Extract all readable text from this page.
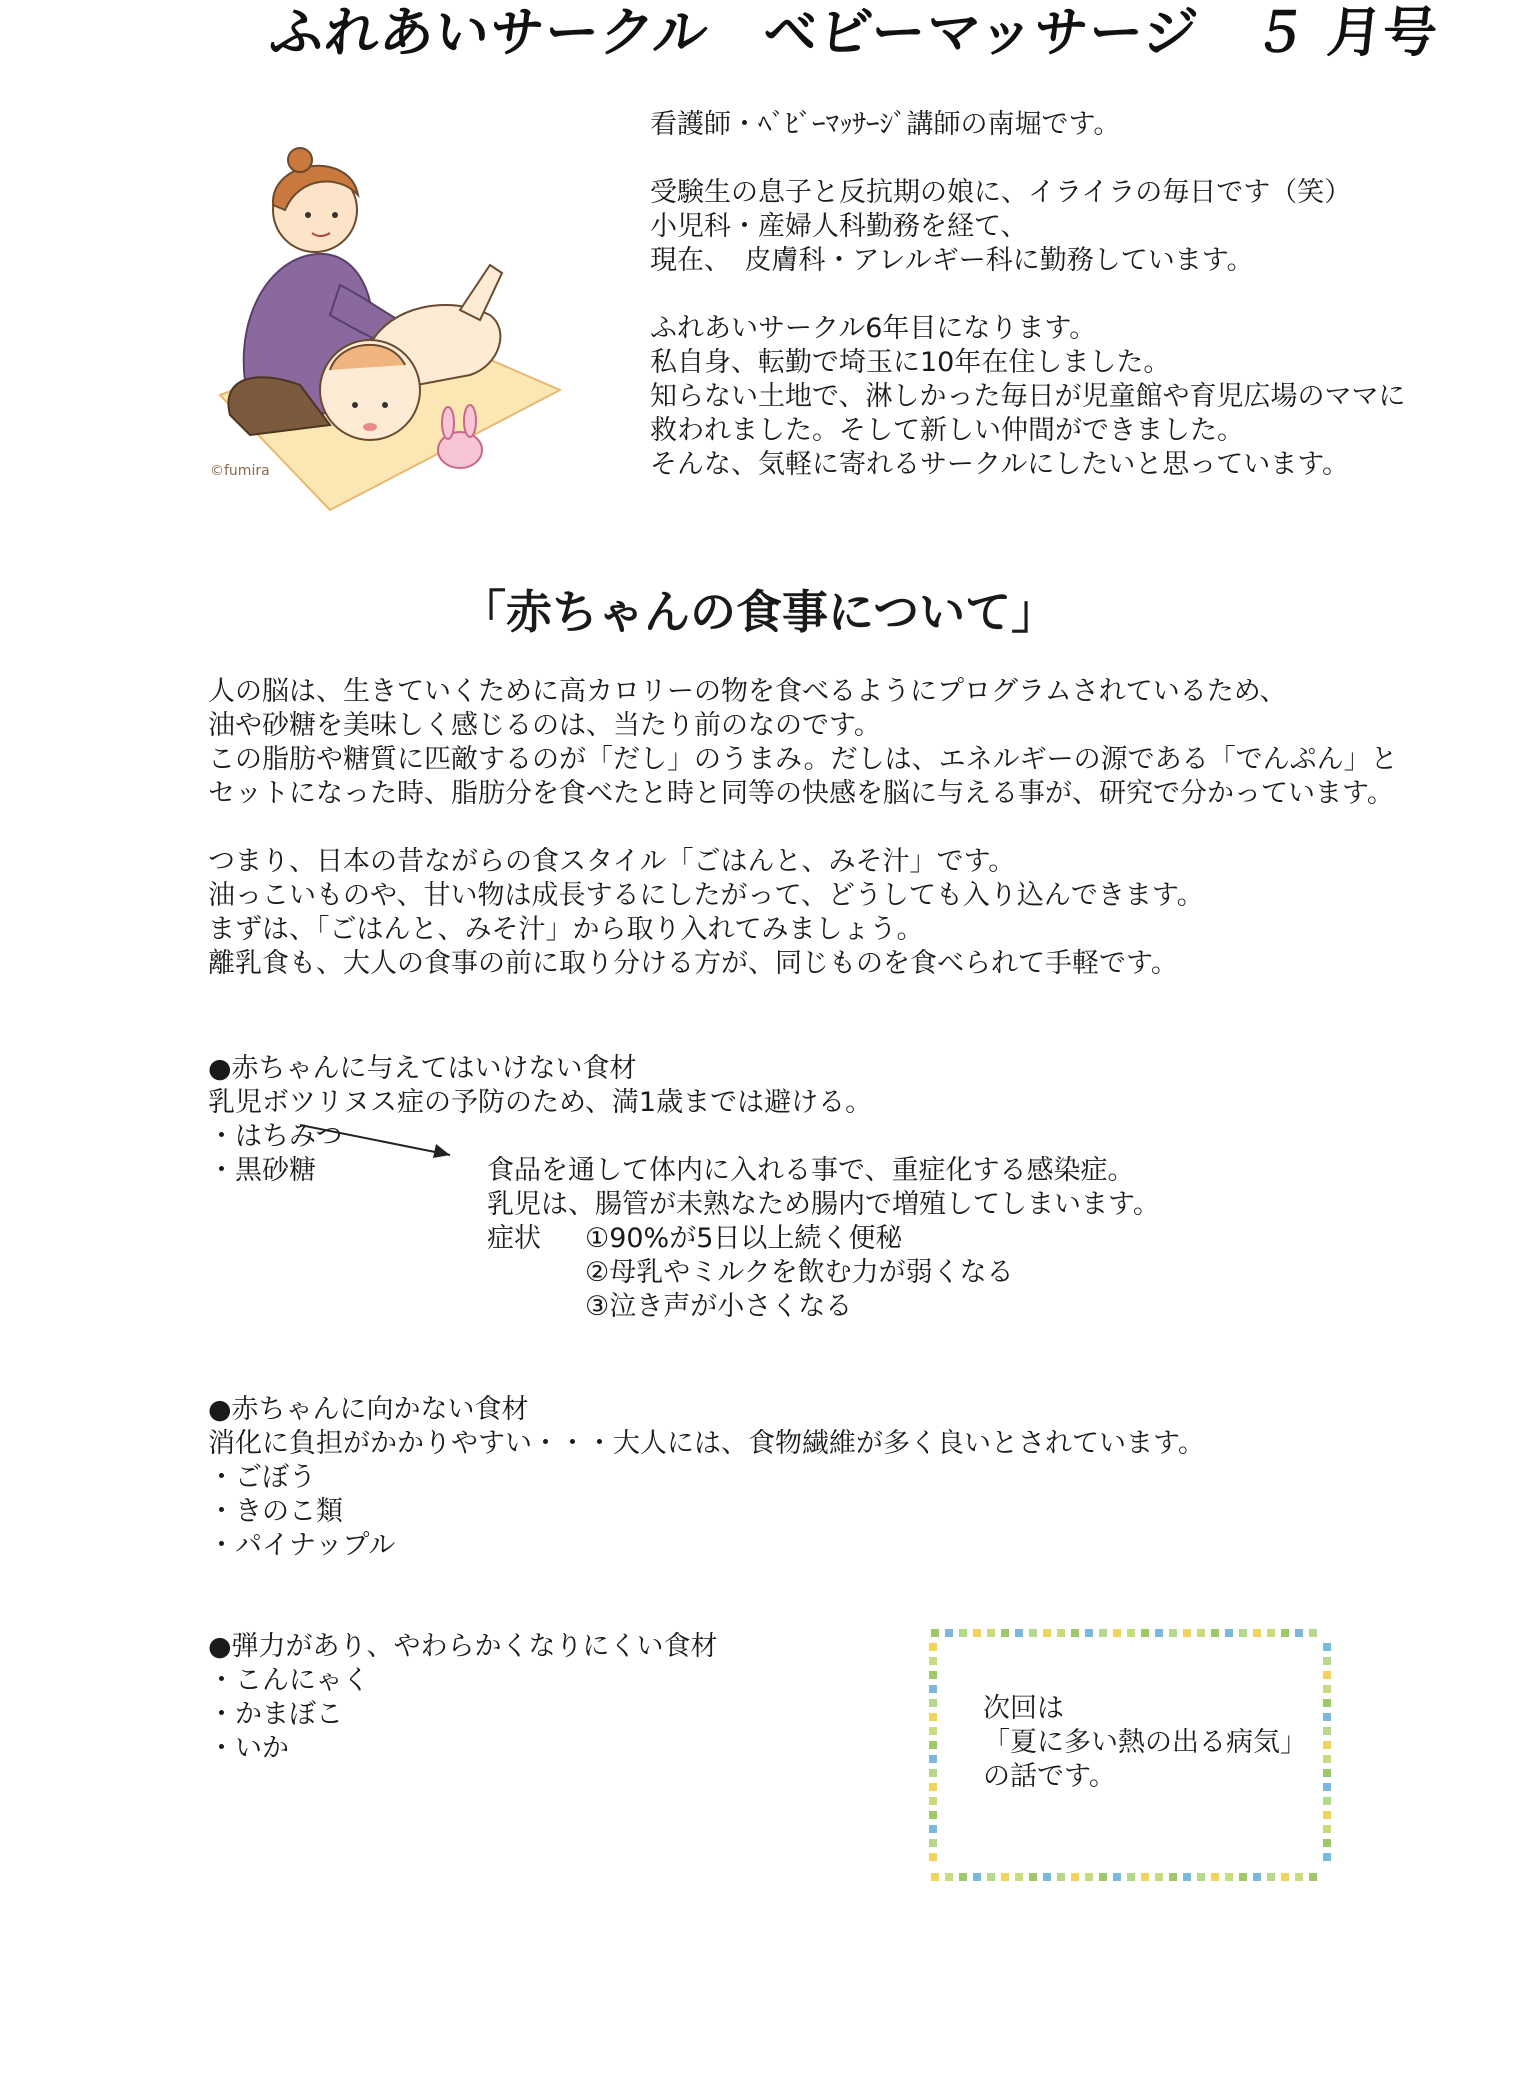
ふれあいサークル　ベビーマッサージ　５ 月号
©fumira
看護師・ﾍﾞﾋﾞｰﾏｯｻｰｼﾞ講師の南堀です。
受験生の息子と反抗期の娘に、イライラの毎日です（笑）
小児科・産婦人科勤務を経て、
現在、　皮膚科・アレルギー科に勤務しています。
ふれあいサークル6年目になります。
私自身、転勤で埼玉に10年在住しました。
知らない土地で、淋しかった毎日が児童館や育児広場のママに
救われました。そして新しい仲間ができました。
そんな、気軽に寄れるサークルにしたいと思っています。
「赤ちゃんの食事について」
人の脳は、生きていくために高カロリーの物を食べるようにプログラムされているため、
油や砂糖を美味しく感じるのは、当たり前のなのです。
この脂肪や糖質に匹敵するのが「だし」のうまみ。だしは、エネルギーの源である「でんぷん」と
セットになった時、脂肪分を食べたと時と同等の快感を脳に与える事が、研究で分かっています。
つまり、日本の昔ながらの食スタイル「ごはんと、みそ汁」です。
油っこいものや、甘い物は成長するにしたがって、どうしても入り込んできます。
まずは、「ごはんと、みそ汁」から取り入れてみましょう。
離乳食も、大人の食事の前に取り分ける方が、同じものを食べられて手軽です。
●赤ちゃんに与えてはいけない食材
乳児ボツリヌス症の予防のため、満1歳までは避ける。
・はちみつ
・黒砂糖	食品を通して体内に入れる事で、重症化する感染症。
乳児は、腸管が未熟なため腸内で増殖してしまいます。
症状 ①90%が5日以上続く便秘
②母乳やミルクを飲む力が弱くなる
③泣き声が小さくなる
●赤ちゃんに向かない食材
消化に負担がかかりやすい・・・大人には、食物繊維が多く良いとされています。
・ごぼう
・きのこ類
・パイナップル
●弾力があり、やわらかくなりにくい食材
・こんにゃく
・かまぼこ
・いか
次回は
「夏に多い熱の出る病気」
の話です。
